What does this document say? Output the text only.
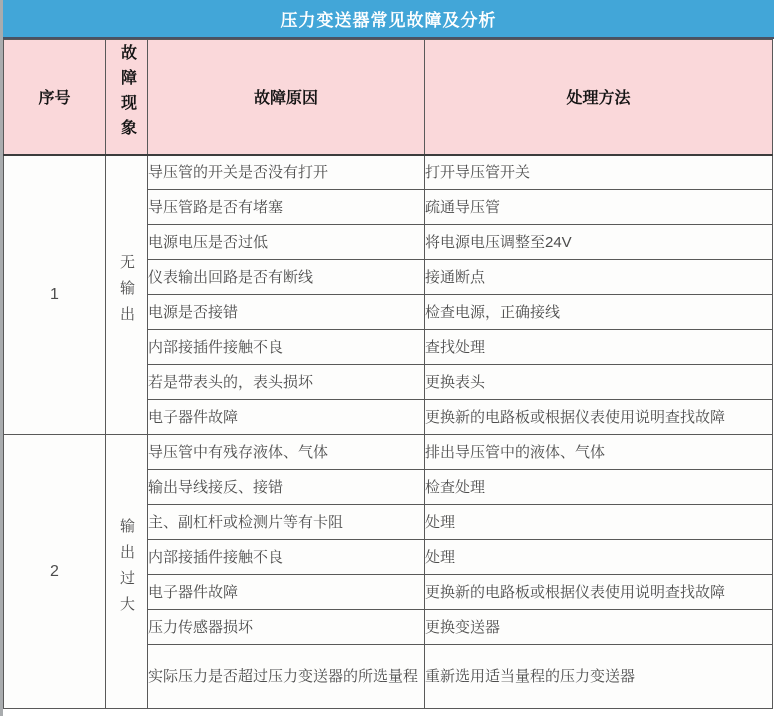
压力变送器常见故障及分析
序号	故障现象	故障原因	处理方法
1	无输出	导压管的开关是否没有打开	打开导压管开关
		导压管路是否有堵塞	疏通导压管
		电源电压是否过低	将电源电压调整至24V
		仪表输出回路是否有断线	接通断点
		电源是否接错	检查电源，正确接线
		内部接插件接触不良	查找处理
		若是带表头的，表头损坏	更换表头
		电子器件故障	更换新的电路板或根据仪表使用说明查找故障
2	输出过大	导压管中有残存液体、气体	排出导压管中的液体、气体
		输出导线接反、接错	检查处理
		主、副杠杆或检测片等有卡阻	处理
		内部接插件接触不良	处理
		电子器件故障	更换新的电路板或根据仪表使用说明查找故障
		压力传感器损坏	更换变送器
		实际压力是否超过压力变送器的所选量程	重新选用适当量程的压力变送器
